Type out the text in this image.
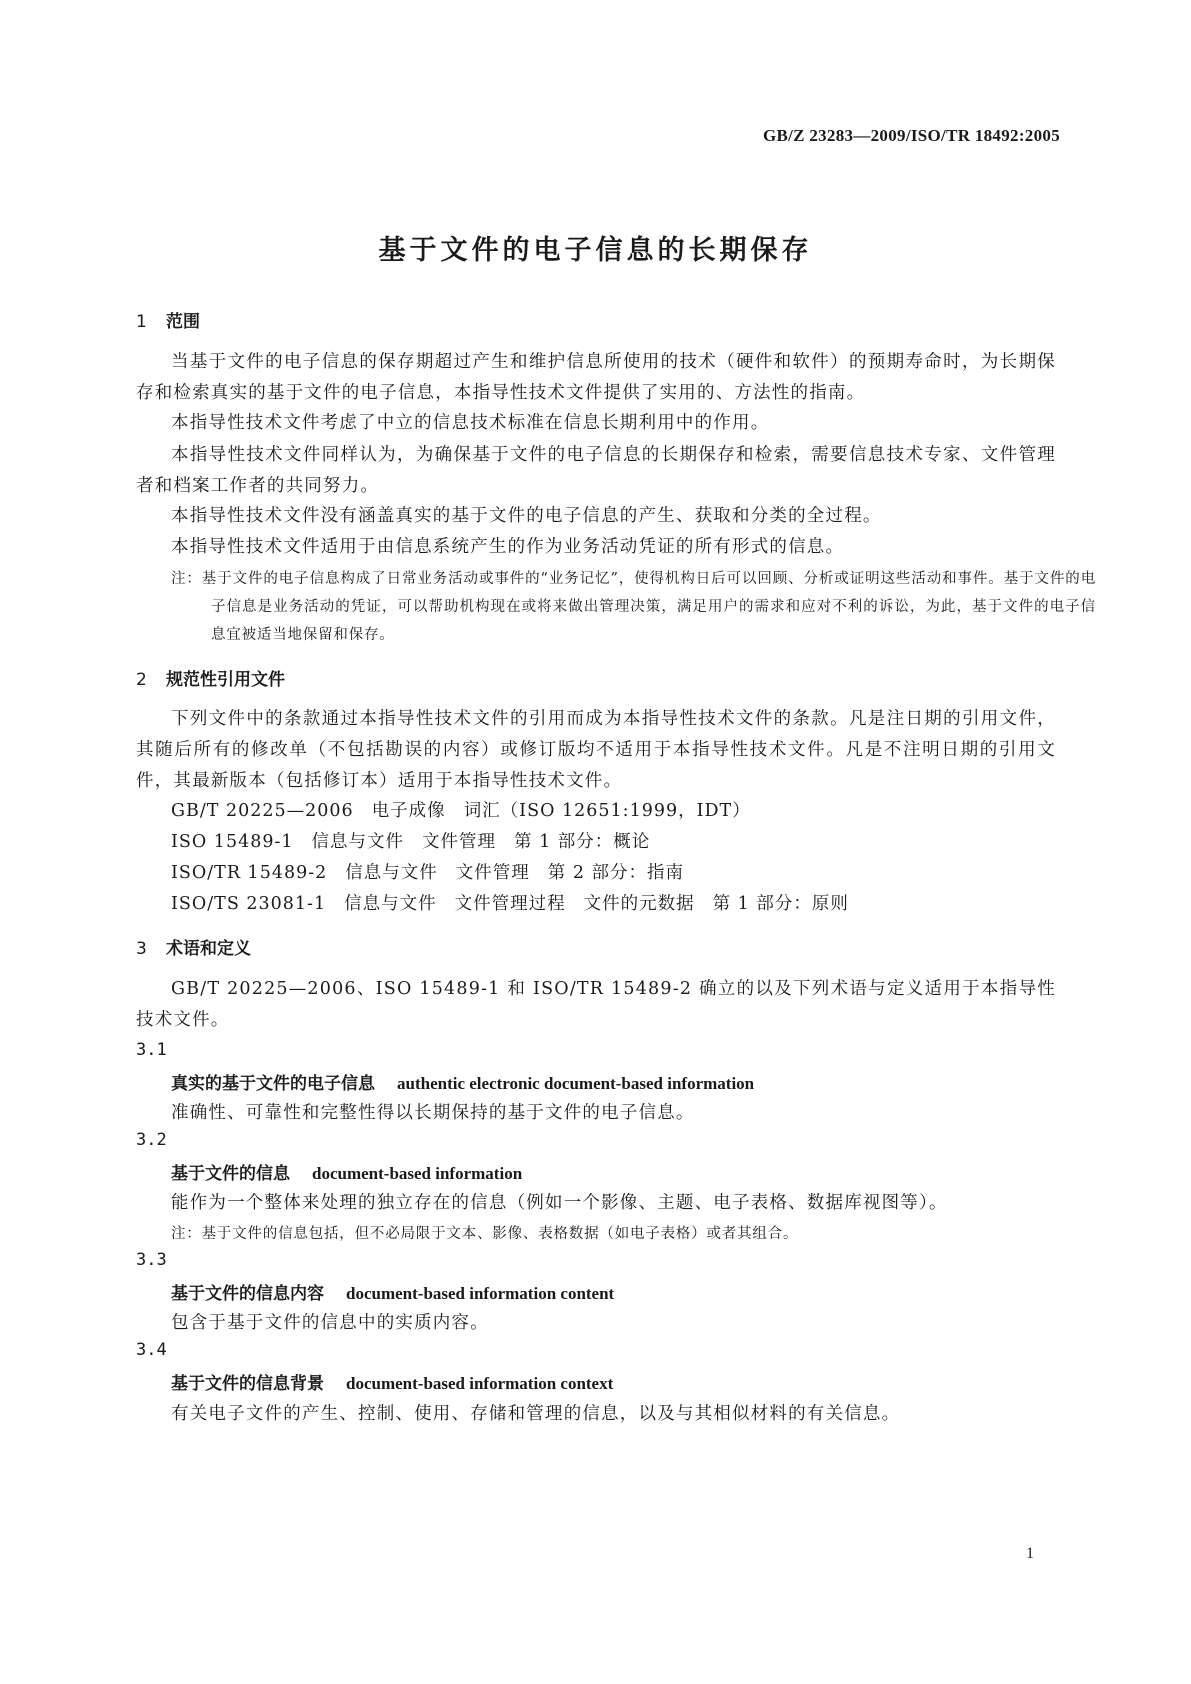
GB/Z 23283—2009/ISO/TR 18492:2005
基于文件的电子信息的长期保存
1 范围
当基于文件的电子信息的保存期超过产生和维护信息所使用的技术（硬件和软件）的预期寿命时，为长期保存和检索真实的基于文件的电子信息，本指导性技术文件提供了实用的、方法性的指南。
本指导性技术文件考虑了中立的信息技术标准在信息长期利用中的作用。
本指导性技术文件同样认为，为确保基于文件的电子信息的长期保存和检索，需要信息技术专家、文件管理者和档案工作者的共同努力。
本指导性技术文件没有涵盖真实的基于文件的电子信息的产生、获取和分类的全过程。
本指导性技术文件适用于由信息系统产生的作为业务活动凭证的所有形式的信息。
注：基于文件的电子信息构成了日常业务活动或事件的“业务记忆”，使得机构日后可以回顾、分析或证明这些活动和事件。基于文件的电子信息是业务活动的凭证，可以帮助机构现在或将来做出管理决策，满足用户的需求和应对不利的诉讼，为此，基于文件的电子信息宜被适当地保留和保存。
2 规范性引用文件
下列文件中的条款通过本指导性技术文件的引用而成为本指导性技术文件的条款。凡是注日期的引用文件，其随后所有的修改单（不包括勘误的内容）或修订版均不适用于本指导性技术文件。凡是不注明日期的引用文件，其最新版本（包括修订本）适用于本指导性技术文件。
GB/T 20225—2006 电子成像 词汇（ISO 12651:1999，IDT）
ISO 15489-1 信息与文件 文件管理 第 1 部分：概论
ISO/TR 15489-2 信息与文件 文件管理 第 2 部分：指南
ISO/TS 23081-1 信息与文件 文件管理过程 文件的元数据 第 1 部分：原则
3 术语和定义
GB/T 20225—2006、ISO 15489-1 和 ISO/TR 15489-2 确立的以及下列术语与定义适用于本指导性技术文件。
3.1
真实的基于文件的电子信息 authentic electronic document-based information
准确性、可靠性和完整性得以长期保持的基于文件的电子信息。
3.2
基于文件的信息 document-based information
能作为一个整体来处理的独立存在的信息（例如一个影像、主题、电子表格、数据库视图等）。
注：基于文件的信息包括，但不必局限于文本、影像、表格数据（如电子表格）或者其组合。
3.3
基于文件的信息内容 document-based information content
包含于基于文件的信息中的实质内容。
3.4
基于文件的信息背景 document-based information context
有关电子文件的产生、控制、使用、存储和管理的信息，以及与其相似材料的有关信息。
1
